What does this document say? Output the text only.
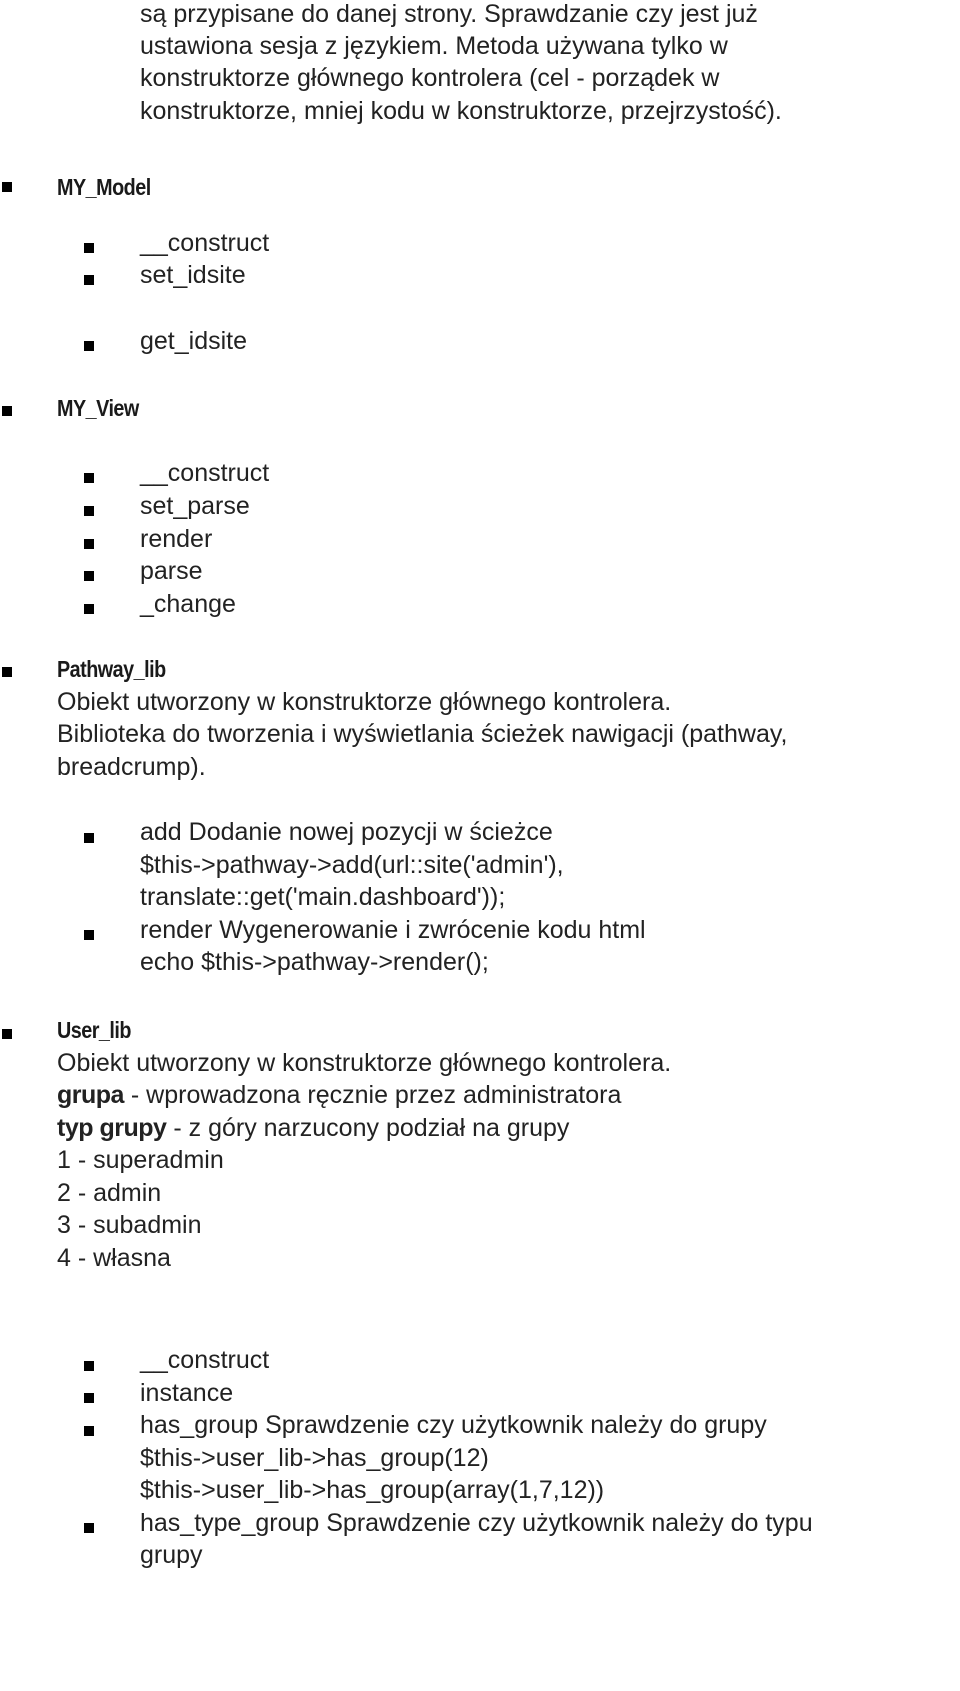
są przypisane do danej strony. Sprawdzanie czy jest już

ustawiona sesja z językiem. Metoda używana tylko w

konstruktorze głównego kontrolera (cel - porządek w

konstruktorze, mniej kodu w konstruktorze, przejrzystość).

MY_Model

__construct

set_idsite

get_idsite

MY_View

__construct

set_parse

render

parse

_change

Pathway_lib

Obiekt utworzony w konstruktorze głównego kontrolera.

Biblioteka do tworzenia i wyświetlania ścieżek nawigacji (pathway,

breadcrump).

add Dodanie nowej pozycji w ścieżce

$this->pathway->add(url::site('admin'),

translate::get('main.dashboard'));

render Wygenerowanie i zwrócenie kodu html

echo $this->pathway->render();

User_lib

Obiekt utworzony w konstruktorze głównego kontrolera.

grupa - wprowadzona ręcznie przez administratora

typ grupy - z góry narzucony podział na grupy

1 - superadmin

2 - admin

3 - subadmin

4 - własna

__construct

instance

has_group Sprawdzenie czy użytkownik należy do grupy

$this->user_lib->has_group(12)

$this->user_lib->has_group(array(1,7,12))

has_type_group Sprawdzenie czy użytkownik należy do typu

grupy
